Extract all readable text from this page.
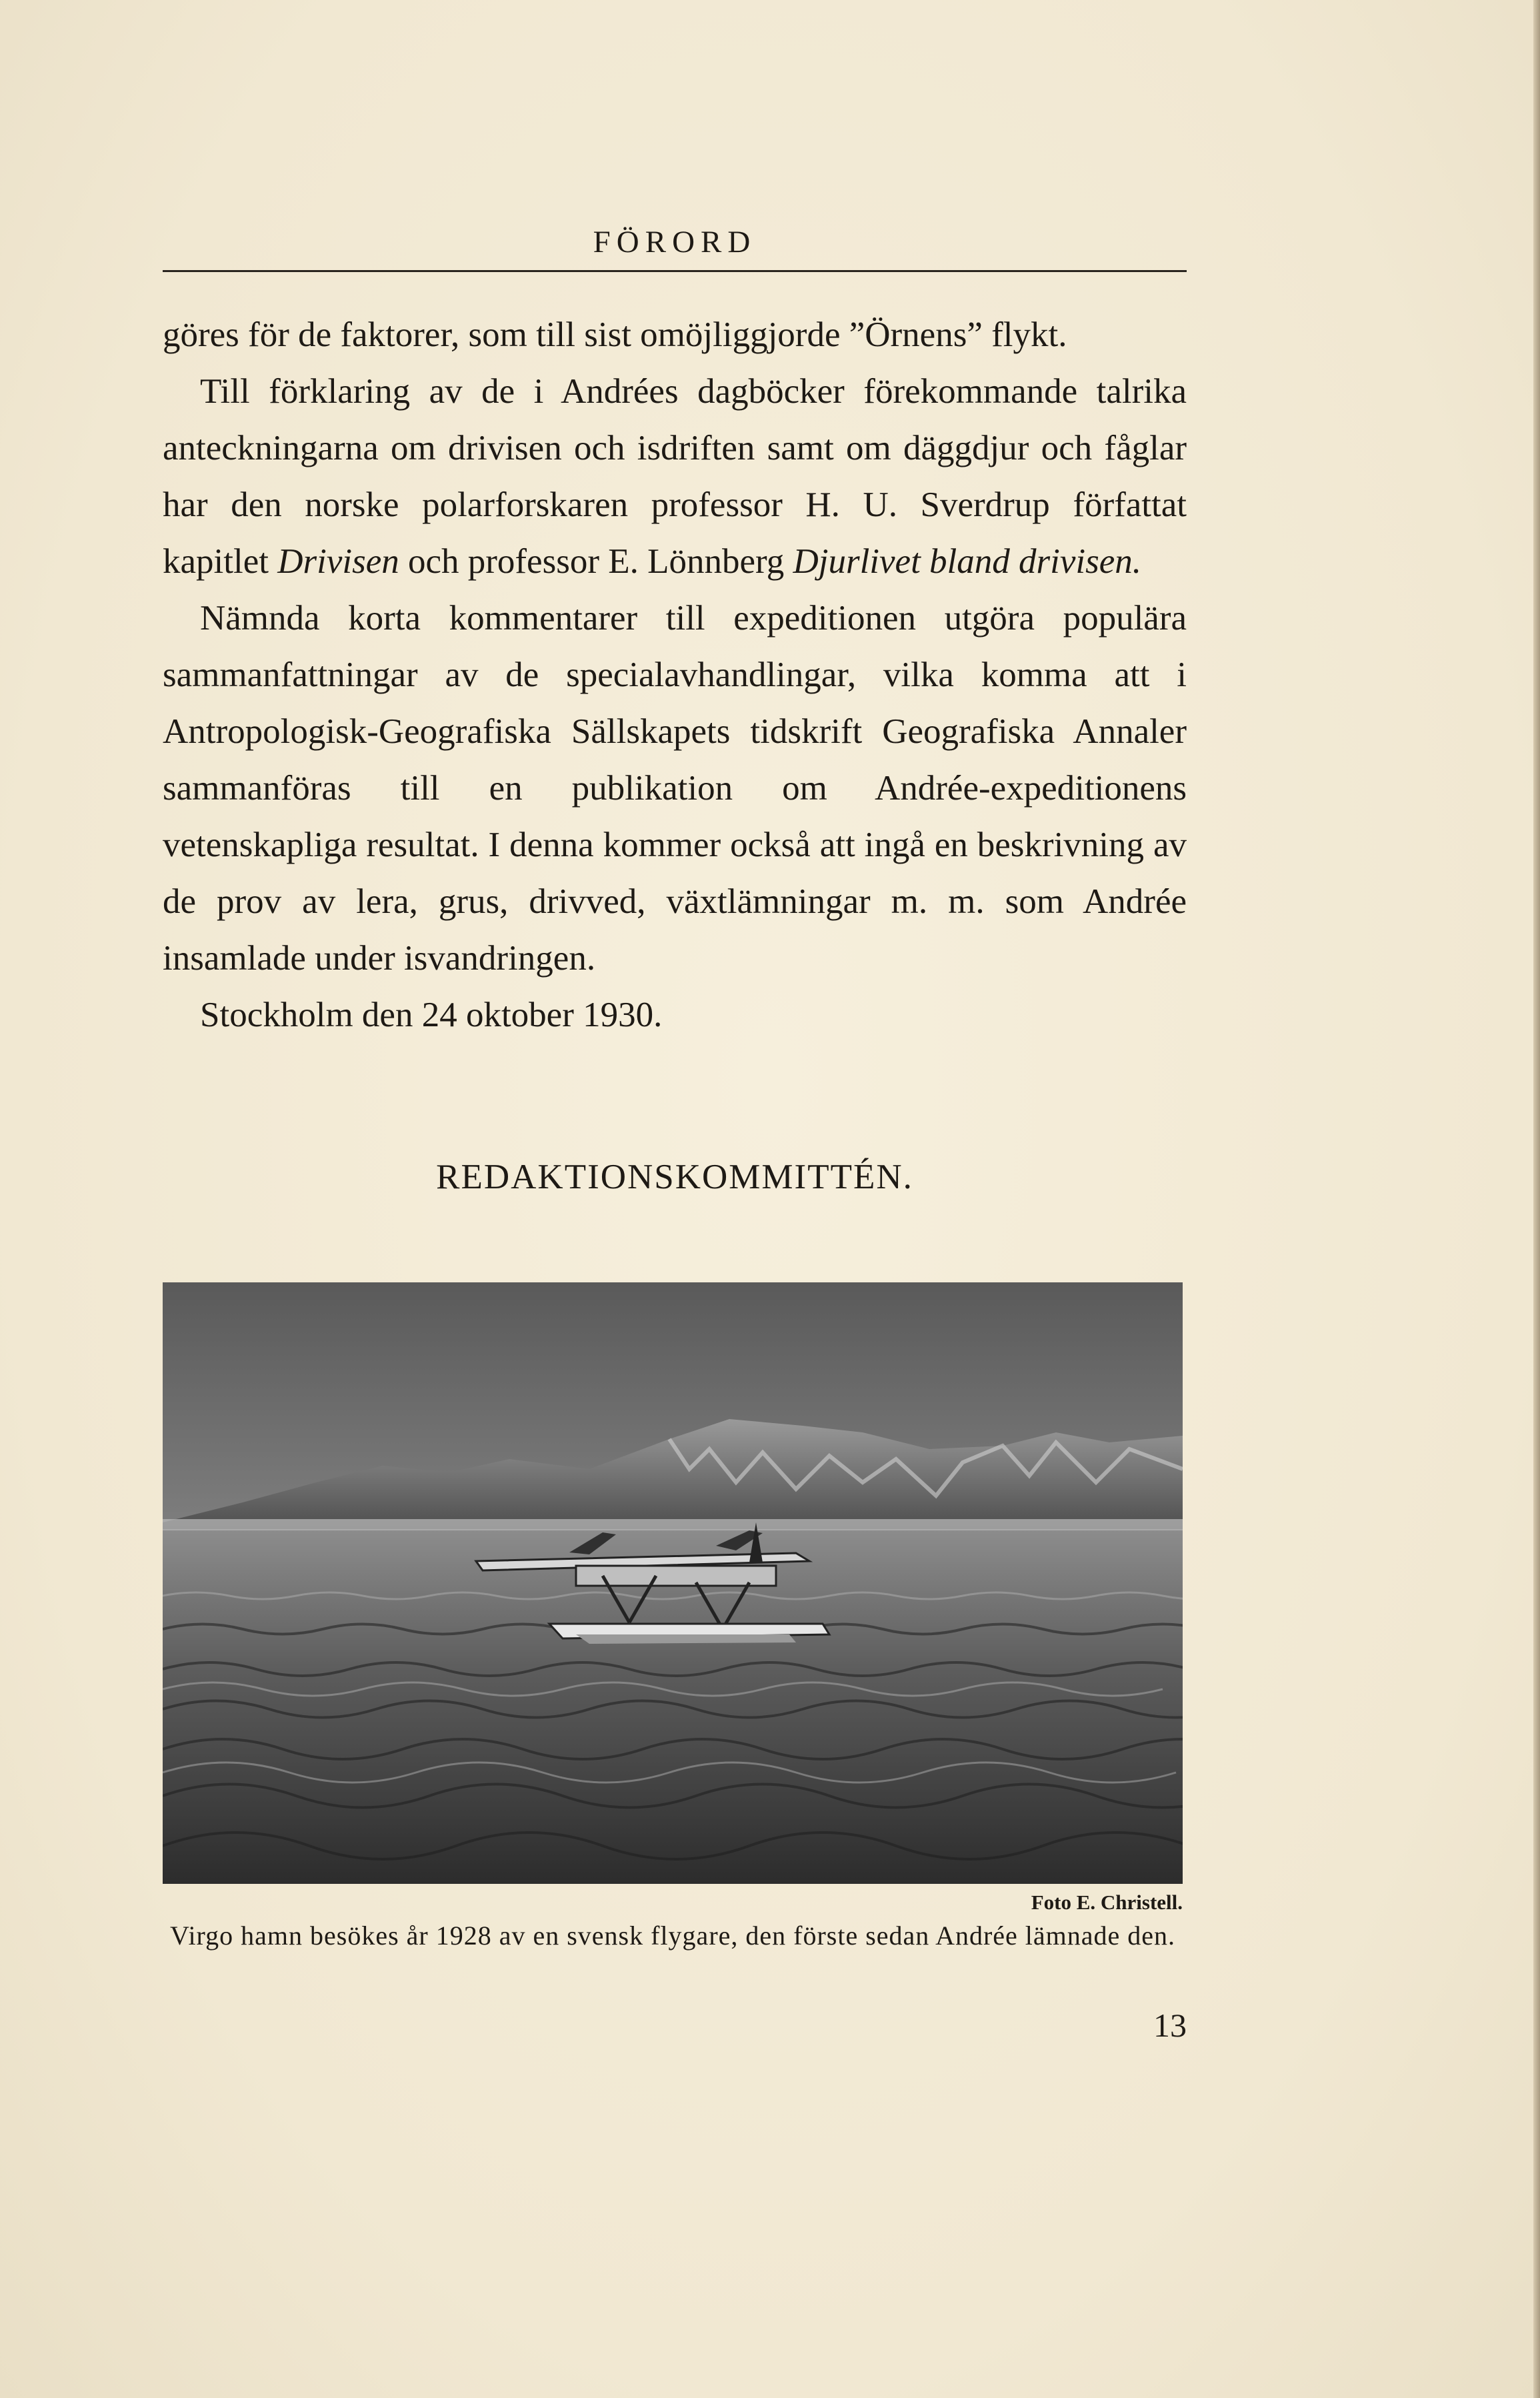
FÖRORD

göres för de faktorer, som till sist omöjliggjorde ”Örnens” flykt.

Till förklaring av de i Andrées dagböcker förekommande talrika anteckningarna om drivisen och isdriften samt om däggdjur och fåglar har den norske polarforskaren professor H. U. Sverdrup författat kapitlet Drivisen och professor E. Lönnberg Djurlivet bland drivisen.

Nämnda korta kommentarer till expeditionen utgöra populära sammanfattningar av de specialavhandlingar, vilka komma att i Antropologisk-Geografiska Sällskapets tidskrift Geografiska Annaler sammanföras till en publikation om Andrée-expeditionens vetenskapliga resultat. I denna kommer också att ingå en beskrivning av de prov av lera, grus, drivved, växtlämningar m. m. som Andrée insamlade under isvandringen.

Stockholm den 24 oktober 1930.

REDAKTIONSKOMMITTÉN.
Foto E. Christell.
Virgo hamn besökes år 1928 av en svensk flygare, den förste sedan Andrée lämnade den.
13
